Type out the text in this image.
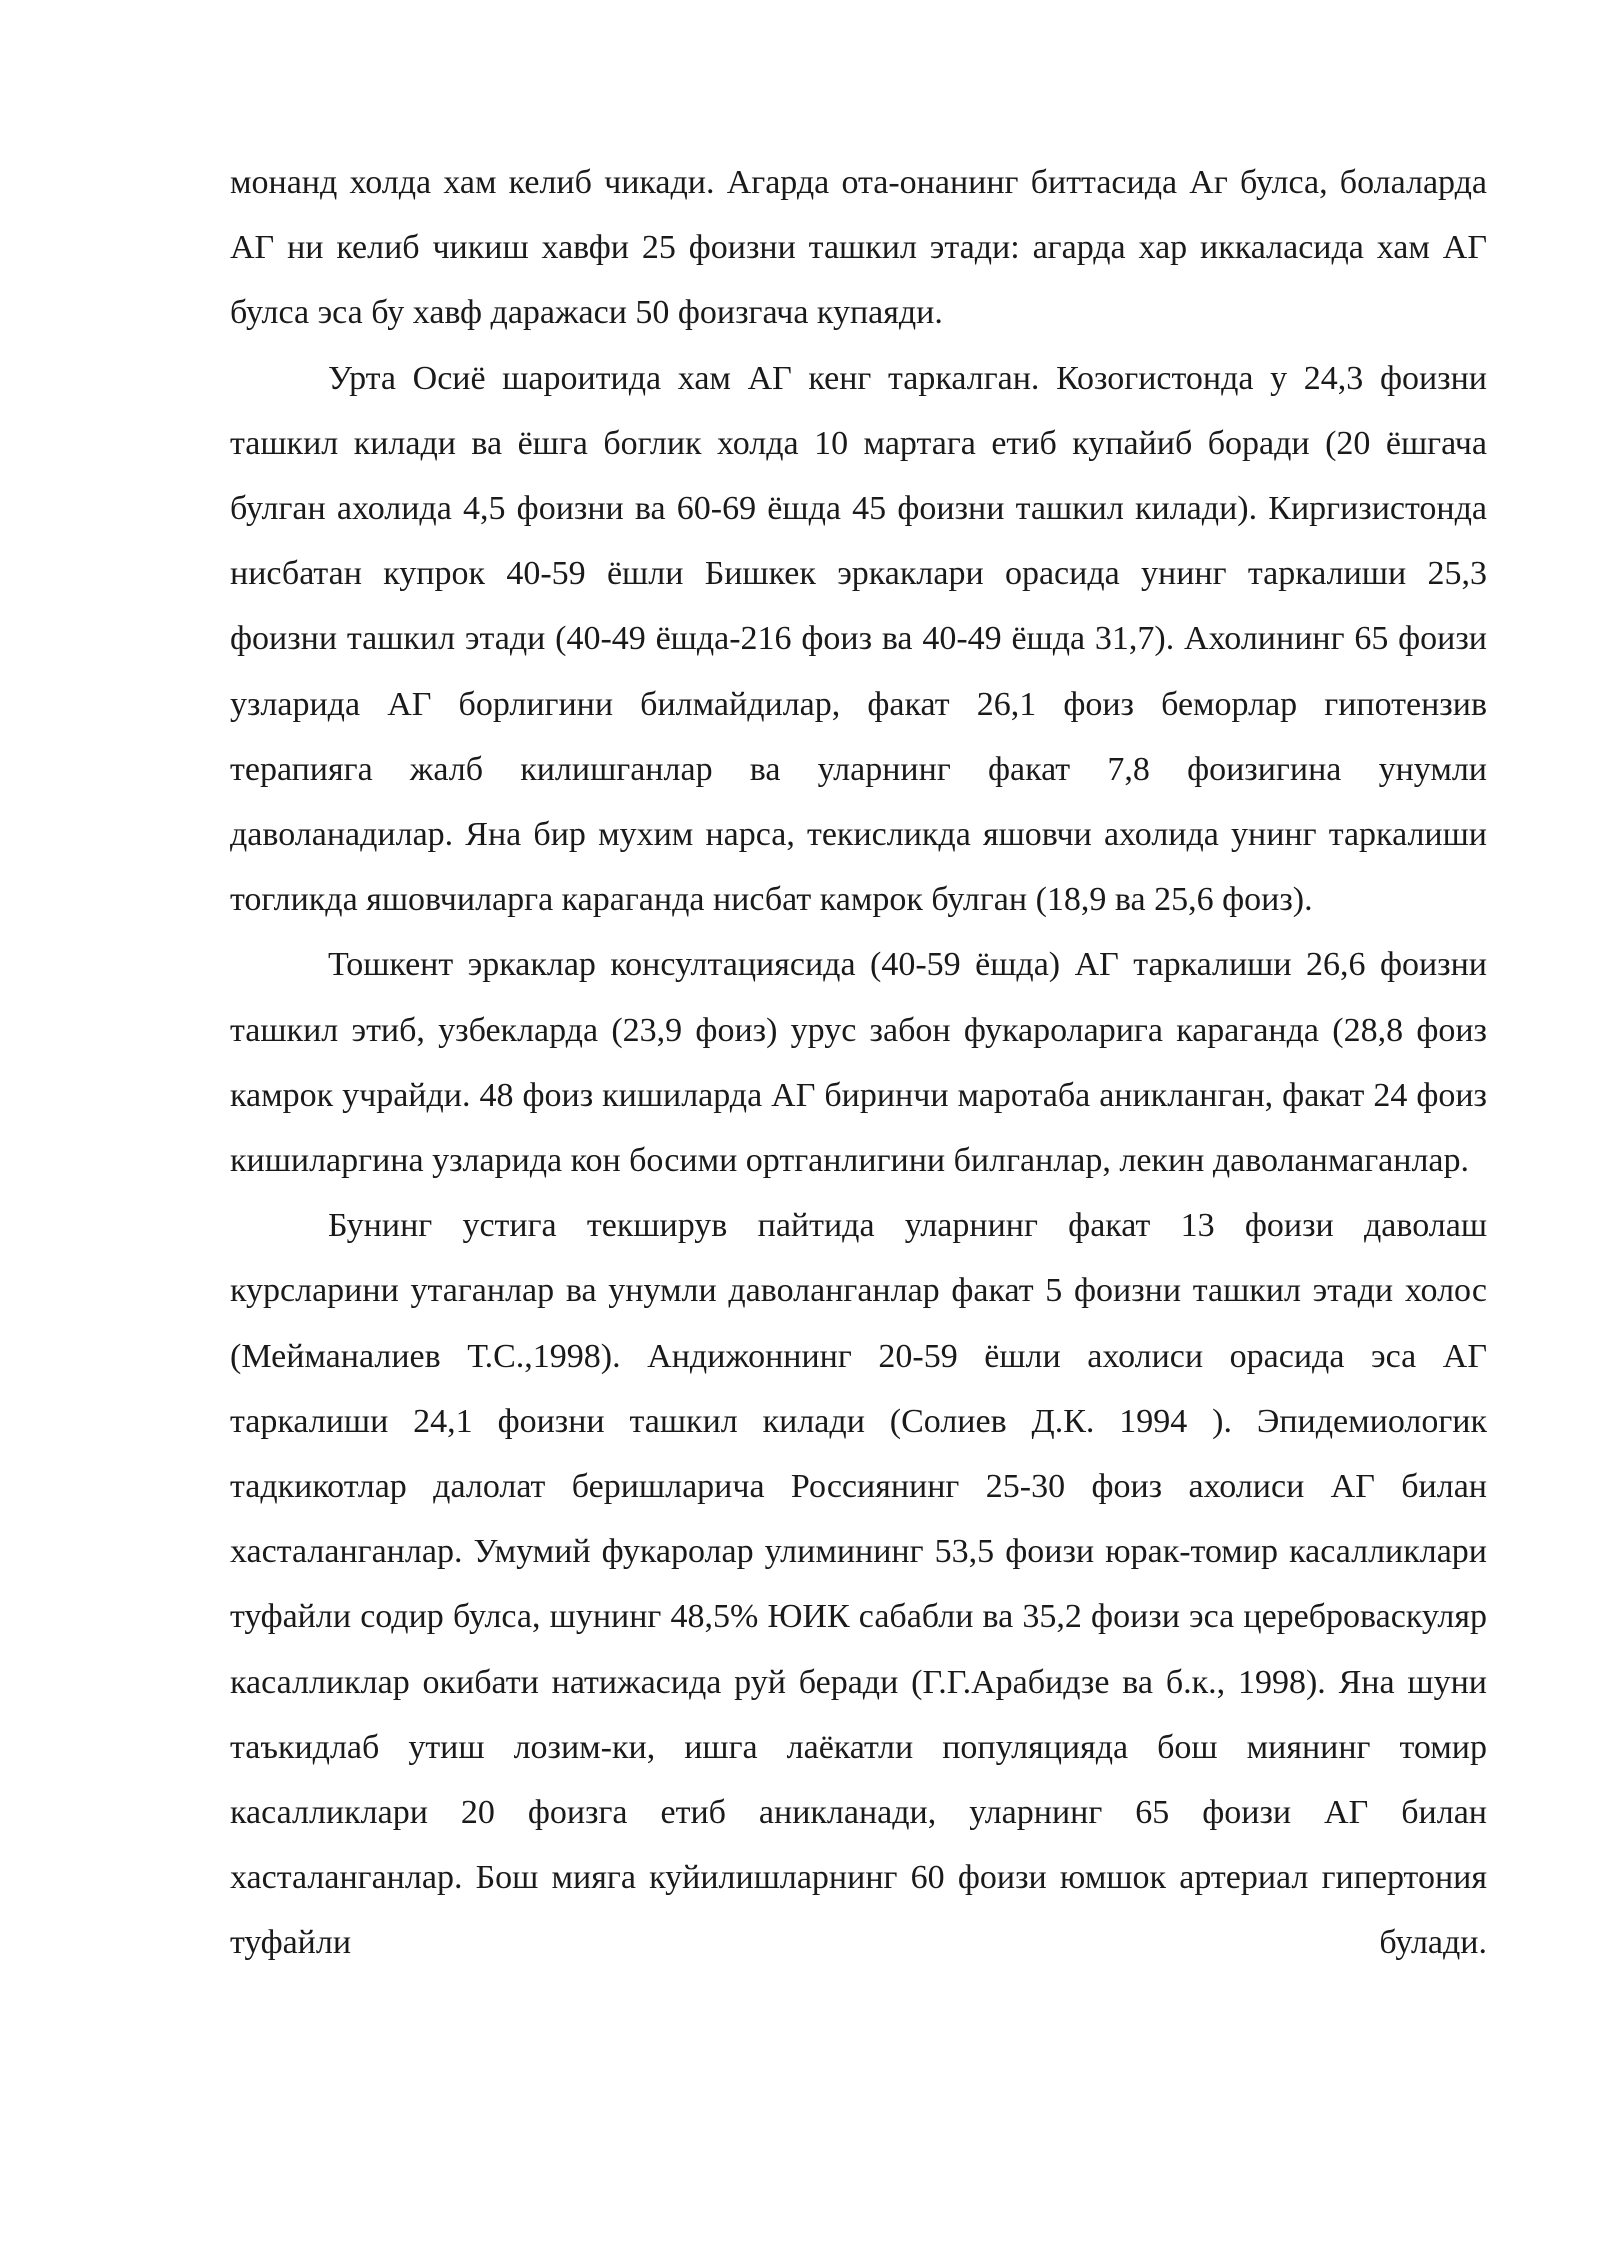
монанд холда хам келиб чикади. Агарда ота-онанинг биттасида Аг булса, болаларда АГ ни келиб чикиш хавфи 25 фоизни ташкил этади: агарда хар иккаласида хам АГ булса эса бу хавф даражаси 50 фоизгача купаяди.

Урта Осиё шароитида хам АГ кенг таркалган. Козогистонда у 24,3 фоизни ташкил килади ва ёшга боглик холда 10 мартага етиб купайиб боради (20 ёшгача булган ахолида 4,5 фоизни ва 60-69 ёшда 45 фоизни ташкил килади). Киргизистонда нисбатан купрок 40-59 ёшли Бишкек эркаклари орасида унинг таркалиши 25,3 фоизни ташкил этади (40-49 ёшда-216 фоиз ва 40-49 ёшда 31,7). Ахолининг 65 фоизи узларида АГ борлигини билмайдилар, факат 26,1 фоиз беморлар гипотензив терапияга жалб килишганлар ва уларнинг факат 7,8 фоизигина унумли даволанадилар. Яна бир мухим нарса, текисликда яшовчи ахолида унинг таркалиши тогликда яшовчиларга караганда нисбат камрок булган (18,9 ва 25,6 фоиз).

Тошкент эркаклар консултациясида (40-59 ёшда) АГ таркалиши 26,6 фоизни ташкил этиб, узбекларда (23,9 фоиз) урус забон фукароларига караганда (28,8 фоиз камрок учрайди. 48 фоиз кишиларда АГ биринчи маротаба аникланган, факат 24 фоиз кишиларгина узларида кон босими ортганлигини билганлар, лекин даволанмаганлар.

Бунинг устига текширув пайтида уларнинг факат 13 фоизи даволаш курсларини утаганлар ва унумли даволанганлар факат 5 фоизни ташкил этади холос (Мейманалиев Т.С.,1998). Андижоннинг 20-59 ёшли ахолиси орасида эса АГ таркалиши 24,1 фоизни ташкил килади (Солиев Д.К. 1994 ). Эпидемиологик тадкикотлар далолат беришларича Россиянинг 25-30 фоиз ахолиси АГ билан хасталанганлар. Умумий фукаролар улимининг 53,5 фоизи юрак-томир касалликлари туфайли содир булса, шунинг 48,5% ЮИК сабабли ва 35,2 фоизи эса цереброваскуляр касалликлар окибати натижасида руй беради (Г.Г.Арабидзе ва б.к., 1998). Яна шуни таъкидлаб утиш лозим-ки, ишга лаёкатли популяцияда бош миянинг томир касалликлари 20 фоизга етиб аникланади, уларнинг 65 фоизи АГ билан хасталанганлар. Бош мияга куйилишларнинг 60 фоизи юмшок артериал гипертония туфайли булади.
